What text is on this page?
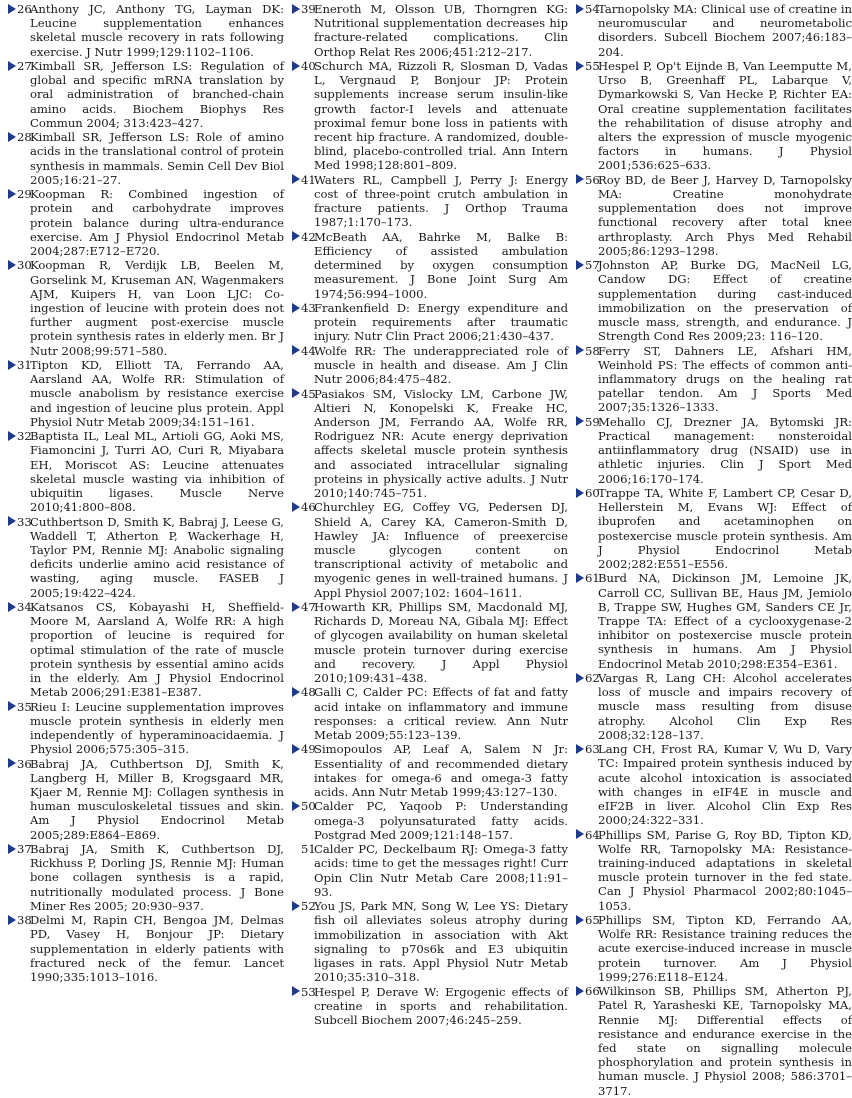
26
Anthony JC, Anthony TG, Layman DK: Leucine supplementation enhances skeletal muscle recovery in rats following exercise. J Nutr 1999;129:1102–1106.
27
Kimball SR, Jefferson LS: Regulation of global and specific mRNA translation by oral administration of branched-chain amino acids. Biochem Biophys Res Commun 2004; 313:423–427.
28
Kimball SR, Jefferson LS: Role of amino acids in the translational control of protein synthesis in mammals. Semin Cell Dev Biol 2005;16:21–27.
29
Koopman R: Combined ingestion of protein and carbohydrate improves protein balance during ultra-endurance exercise. Am J Physiol Endocrinol Metab 2004;287:E712–E720.
30
Koopman R, Verdijk LB, Beelen M, Gorselink M, Kruseman AN, Wagenmakers AJM, Kuipers H, van Loon LJC: Co-ingestion of leucine with protein does not further augment post-exercise muscle protein synthesis rates in elderly men. Br J Nutr 2008;99:571–580.
31
Tipton KD, Elliott TA, Ferrando AA, Aarsland AA, Wolfe RR: Stimulation of muscle anabolism by resistance exercise and ingestion of leucine plus protein. Appl Physiol Nutr Metab 2009;34:151–161.
32
Baptista IL, Leal ML, Artioli GG, Aoki MS, Fiamoncini J, Turri AO, Curi R, Miyabara EH, Moriscot AS: Leucine attenuates skeletal muscle wasting via inhibition of ubiquitin ligases. Muscle Nerve 2010;41:800–808.
33
Cuthbertson D, Smith K, Babraj J, Leese G, Waddell T, Atherton P, Wackerhage H, Taylor PM, Rennie MJ: Anabolic signaling deficits underlie amino acid resistance of wasting, aging muscle. FASEB J 2005;19:422–424.
34
Katsanos CS, Kobayashi H, Sheffield-Moore M, Aarsland A, Wolfe RR: A high proportion of leucine is required for optimal stimulation of the rate of muscle protein synthesis by essential amino acids in the elderly. Am J Physiol Endocrinol Metab 2006;291:E381–E387.
35
Rieu I: Leucine supplementation improves muscle protein synthesis in elderly men independently of hyperaminoacidaemia. J Physiol 2006;575:305–315.
36
Babraj JA, Cuthbertson DJ, Smith K, Langberg H, Miller B, Krogsgaard MR, Kjaer M, Rennie MJ: Collagen synthesis in human musculoskeletal tissues and skin. Am J Physiol Endocrinol Metab 2005;289:E864–E869.
37
Babraj JA, Smith K, Cuthbertson DJ, Rickhuss P, Dorling JS, Rennie MJ: Human bone collagen synthesis is a rapid, nutritionally modulated process. J Bone Miner Res 2005; 20:930–937.
38
Delmi M, Rapin CH, Bengoa JM, Delmas PD, Vasey H, Bonjour JP: Dietary supplementation in elderly patients with fractured neck of the femur. Lancet 1990;335:1013–1016.
39
Eneroth M, Olsson UB, Thorngren KG: Nutritional supplementation decreases hip fracture-related complications. Clin Orthop Relat Res 2006;451:212–217.
40
Schurch MA, Rizzoli R, Slosman D, Vadas L, Vergnaud P, Bonjour JP: Protein supplements increase serum insulin-like growth factor-I levels and attenuate proximal femur bone loss in patients with recent hip fracture. A randomized, double-blind, placebo-controlled trial. Ann Intern Med 1998;128:801–809.
41
Waters RL, Campbell J, Perry J: Energy cost of three-point crutch ambulation in fracture patients. J Orthop Trauma 1987;1:170–173.
42
McBeath AA, Bahrke M, Balke B: Efficiency of assisted ambulation determined by oxygen consumption measurement. J Bone Joint Surg Am 1974;56:994–1000.
43
Frankenfield D: Energy expenditure and protein requirements after traumatic injury. Nutr Clin Pract 2006;21:430–437.
44
Wolfe RR: The underappreciated role of muscle in health and disease. Am J Clin Nutr 2006;84:475–482.
45
Pasiakos SM, Vislocky LM, Carbone JW, Altieri N, Konopelski K, Freake HC, Anderson JM, Ferrando AA, Wolfe RR, Rodriguez NR: Acute energy deprivation affects skeletal muscle protein synthesis and associated intracellular signaling proteins in physically active adults. J Nutr 2010;140:745–751.
46
Churchley EG, Coffey VG, Pedersen DJ, Shield A, Carey KA, Cameron-Smith D, Hawley JA: Influence of preexercise muscle glycogen content on transcriptional activity of metabolic and myogenic genes in well-trained humans. J Appl Physiol 2007;102: 1604–1611.
47
Howarth KR, Phillips SM, Macdonald MJ, Richards D, Moreau NA, Gibala MJ: Effect of glycogen availability on human skeletal muscle protein turnover during exercise and recovery. J Appl Physiol 2010;109:431–438.
48
Galli C, Calder PC: Effects of fat and fatty acid intake on inflammatory and immune responses: a critical review. Ann Nutr Metab 2009;55:123–139.
49
Simopoulos AP, Leaf A, Salem N Jr: Essentiality of and recommended dietary intakes for omega-6 and omega-3 fatty acids. Ann Nutr Metab 1999;43:127–130.
50
Calder PC, Yaqoob P: Understanding omega-3 polyunsaturated fatty acids. Postgrad Med 2009;121:148–157.
51
Calder PC, Deckelbaum RJ: Omega-3 fatty acids: time to get the messages right! Curr Opin Clin Nutr Metab Care 2008;11:91–93.
52
You JS, Park MN, Song W, Lee YS: Dietary fish oil alleviates soleus atrophy during immobilization in association with Akt signaling to p70s6k and E3 ubiquitin ligases in rats. Appl Physiol Nutr Metab 2010;35:310–318.
53
Hespel P, Derave W: Ergogenic effects of creatine in sports and rehabilitation. Subcell Biochem 2007;46:245–259.
54
Tarnopolsky MA: Clinical use of creatine in neuromuscular and neurometabolic disorders. Subcell Biochem 2007;46:183–204.
55
Hespel P, Op't Eijnde B, Van Leemputte M, Urso B, Greenhaff PL, Labarque V, Dymarkowski S, Van Hecke P, Richter EA: Oral creatine supplementation facilitates the rehabilitation of disuse atrophy and alters the expression of muscle myogenic factors in humans. J Physiol 2001;536:625–633.
56
Roy BD, de Beer J, Harvey D, Tarnopolsky MA: Creatine monohydrate supplementation does not improve functional recovery after total knee arthroplasty. Arch Phys Med Rehabil 2005;86:1293–1298.
57
Johnston AP, Burke DG, MacNeil LG, Candow DG: Effect of creatine supplementation during cast-induced immobilization on the preservation of muscle mass, strength, and endurance. J Strength Cond Res 2009;23: 116–120.
58
Ferry ST, Dahners LE, Afshari HM, Weinhold PS: The effects of common anti-inflammatory drugs on the healing rat patellar tendon. Am J Sports Med 2007;35:1326–1333.
59
Mehallo CJ, Drezner JA, Bytomski JR: Practical management: nonsteroidal antiinflammatory drug (NSAID) use in athletic injuries. Clin J Sport Med 2006;16:170–174.
60
Trappe TA, White F, Lambert CP, Cesar D, Hellerstein M, Evans WJ: Effect of ibuprofen and acetaminophen on postexercise muscle protein synthesis. Am J Physiol Endocrinol Metab 2002;282:E551–E556.
61
Burd NA, Dickinson JM, Lemoine JK, Carroll CC, Sullivan BE, Haus JM, Jemiolo B, Trappe SW, Hughes GM, Sanders CE Jr, Trappe TA: Effect of a cyclooxygenase-2 inhibitor on postexercise muscle protein synthesis in humans. Am J Physiol Endocrinol Metab 2010;298:E354–E361.
62
Vargas R, Lang CH: Alcohol accelerates loss of muscle and impairs recovery of muscle mass resulting from disuse atrophy. Alcohol Clin Exp Res 2008;32:128–137.
63
Lang CH, Frost RA, Kumar V, Wu D, Vary TC: Impaired protein synthesis induced by acute alcohol intoxication is associated with changes in eIF4E in muscle and eIF2B in liver. Alcohol Clin Exp Res 2000;24:322–331.
64
Phillips SM, Parise G, Roy BD, Tipton KD, Wolfe RR, Tarnopolsky MA: Resistance-training-induced adaptations in skeletal muscle protein turnover in the fed state. Can J Physiol Pharmacol 2002;80:1045–1053.
65
Phillips SM, Tipton KD, Ferrando AA, Wolfe RR: Resistance training reduces the acute exercise-induced increase in muscle protein turnover. Am J Physiol 1999;276:E118–E124.
66
Wilkinson SB, Phillips SM, Atherton PJ, Patel R, Yarasheski KE, Tarnopolsky MA, Rennie MJ: Differential effects of resistance and endurance exercise in the fed state on signalling molecule phosphorylation and protein synthesis in human muscle. J Physiol 2008; 586:3701–3717.
